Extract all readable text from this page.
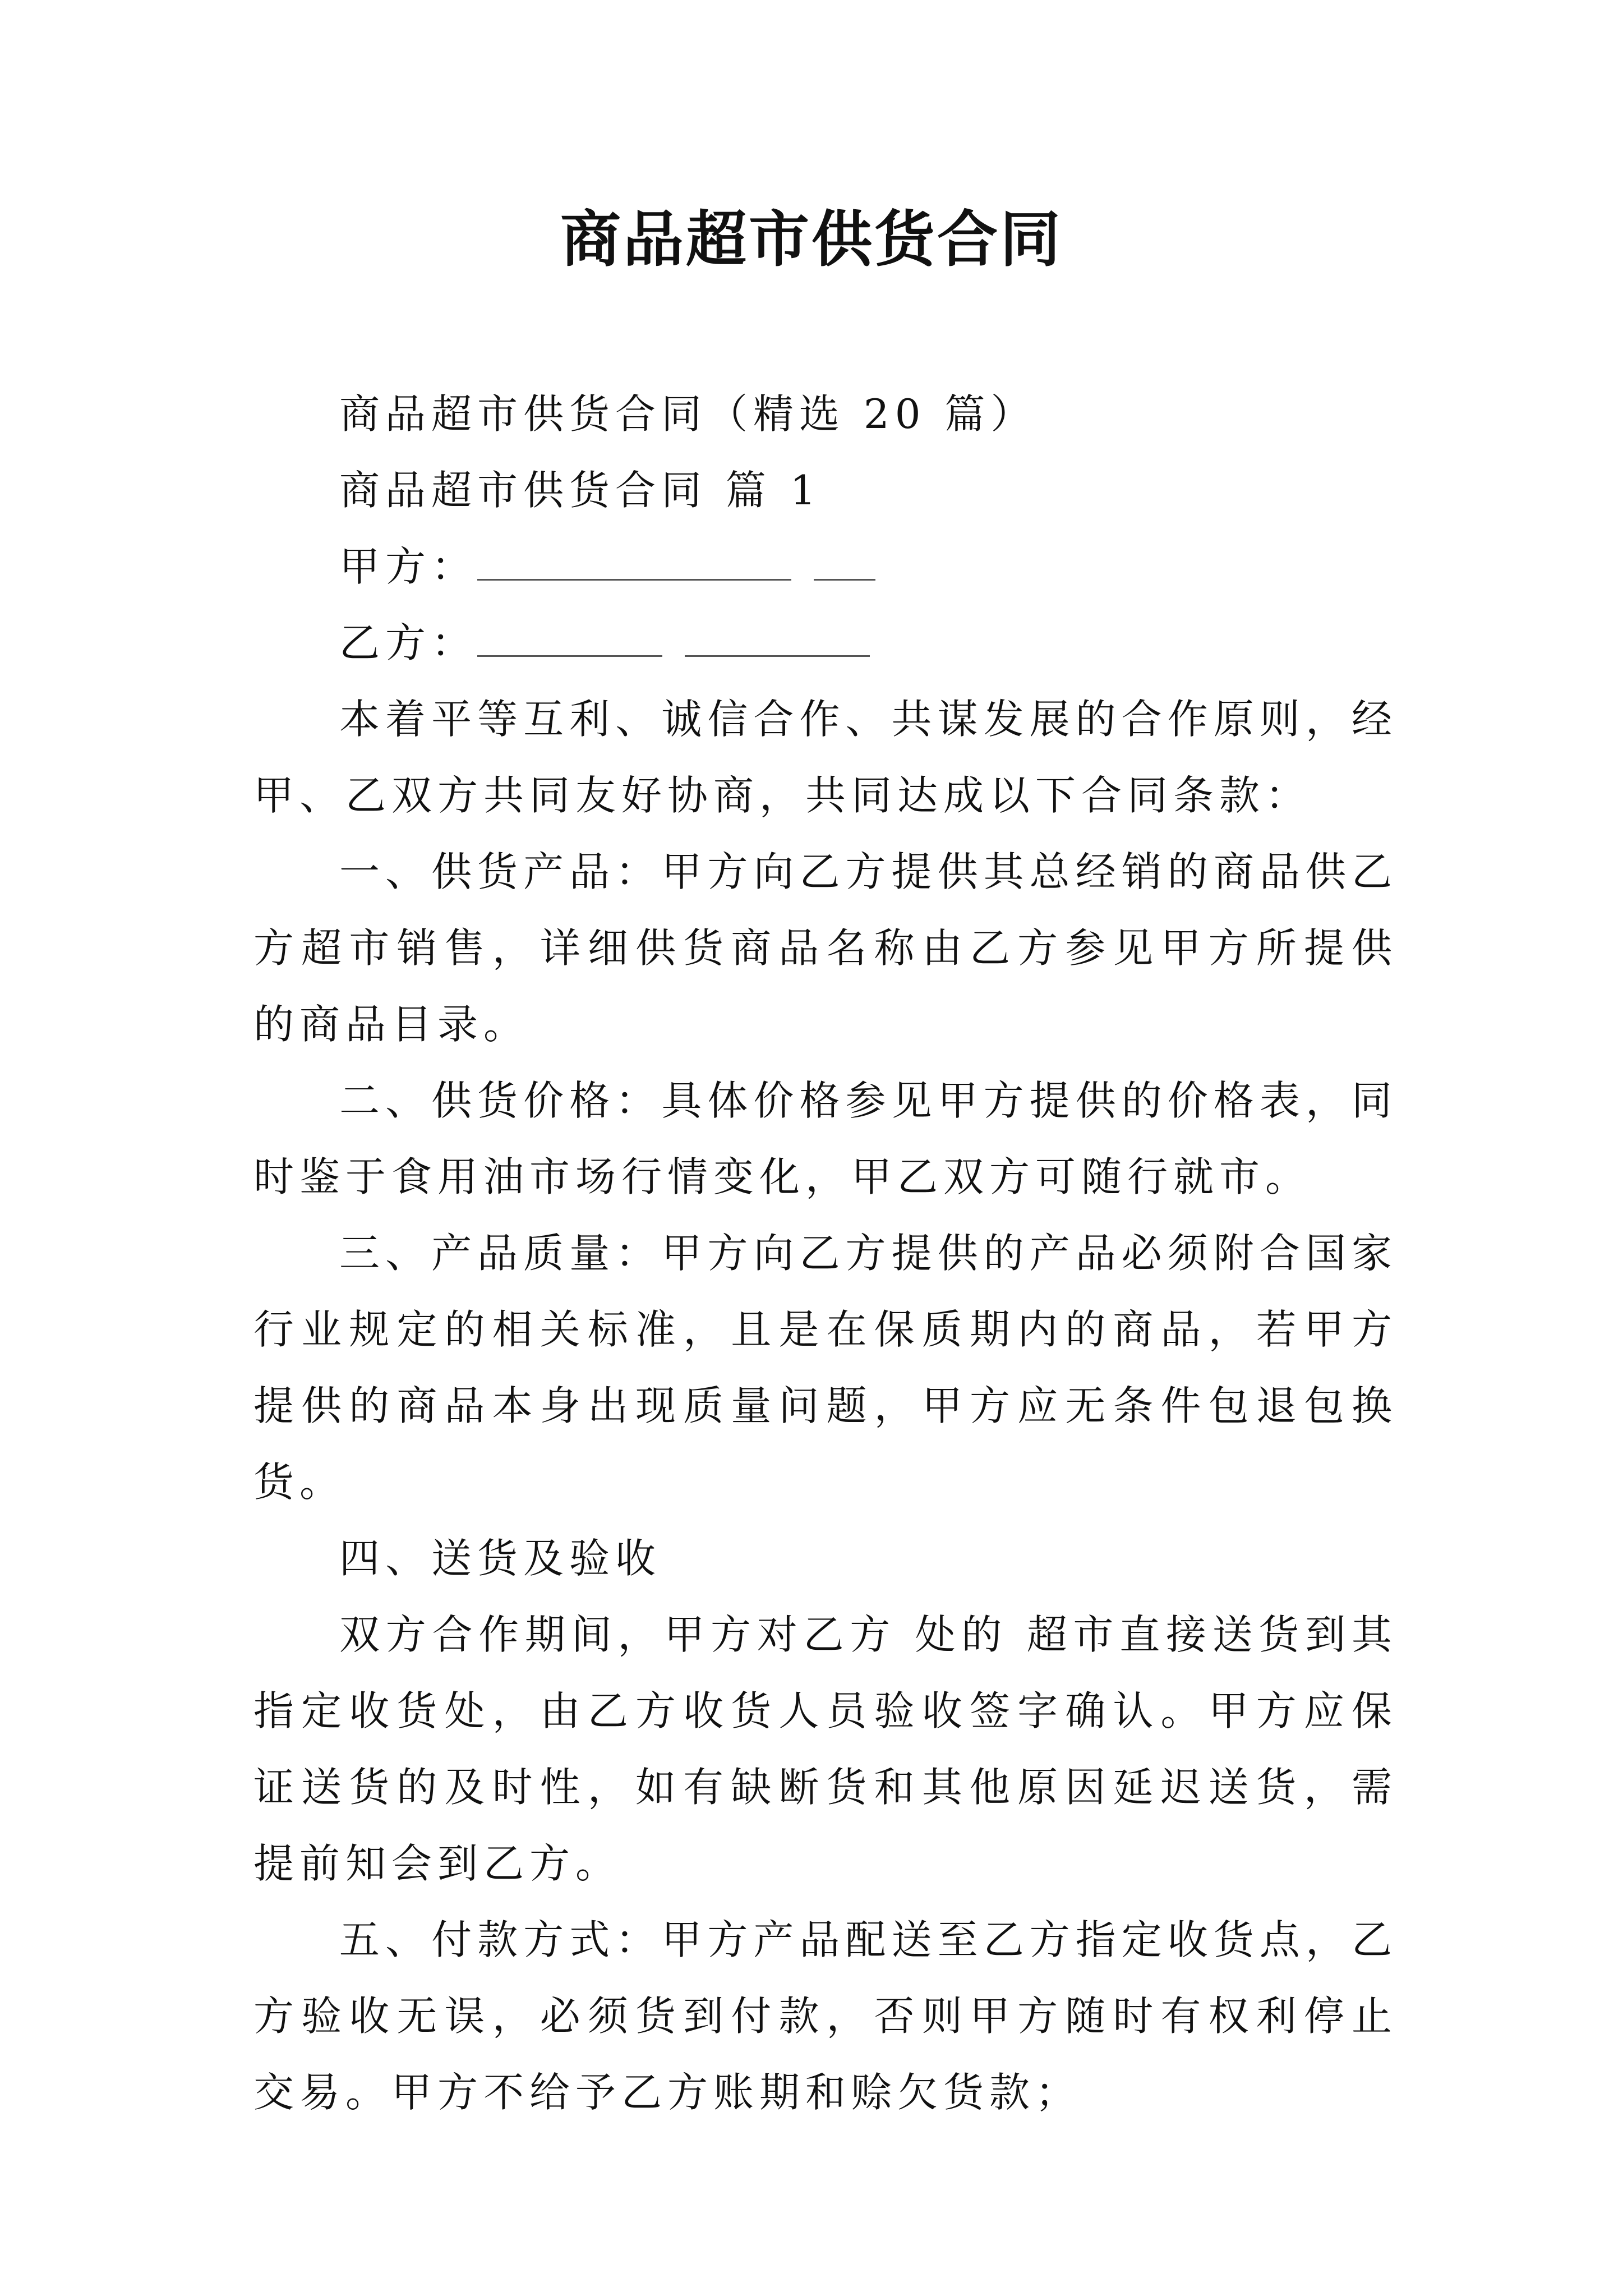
商品超市供货合同
商品超市供货合同（精选 20 篇）
商品超市供货合同 篇 1
甲方：
乙方：

本着平等互利、诚信合作、共谋发展的合作原则，经甲、乙双方共同友好协商，共同达成以下合同条款：

一、供货产品：甲方向乙方提供其总经销的商品供乙方超市销售，详细供货商品名称由乙方参见甲方所提供的商品目录。

二、供货价格：具体价格参见甲方提供的价格表，同时鉴于食用油市场行情变化，甲乙双方可随行就市。

三、产品质量：甲方向乙方提供的产品必须附合国家行业规定的相关标准，且是在保质期内的商品，若甲方提供的商品本身出现质量问题，甲方应无条件包退包换货。

四、送货及验收

双方合作期间，甲方对乙方 处的 超市直接送货到其指定收货处，由乙方收货人员验收签字确认。甲方应保证送货的及时性，如有缺断货和其他原因延迟送货，需提前知会到乙方。

五、付款方式：甲方产品配送至乙方指定收货点，乙方验收无误，必须货到付款，否则甲方随时有权利停止交易。甲方不给予乙方账期和赊欠货款；
